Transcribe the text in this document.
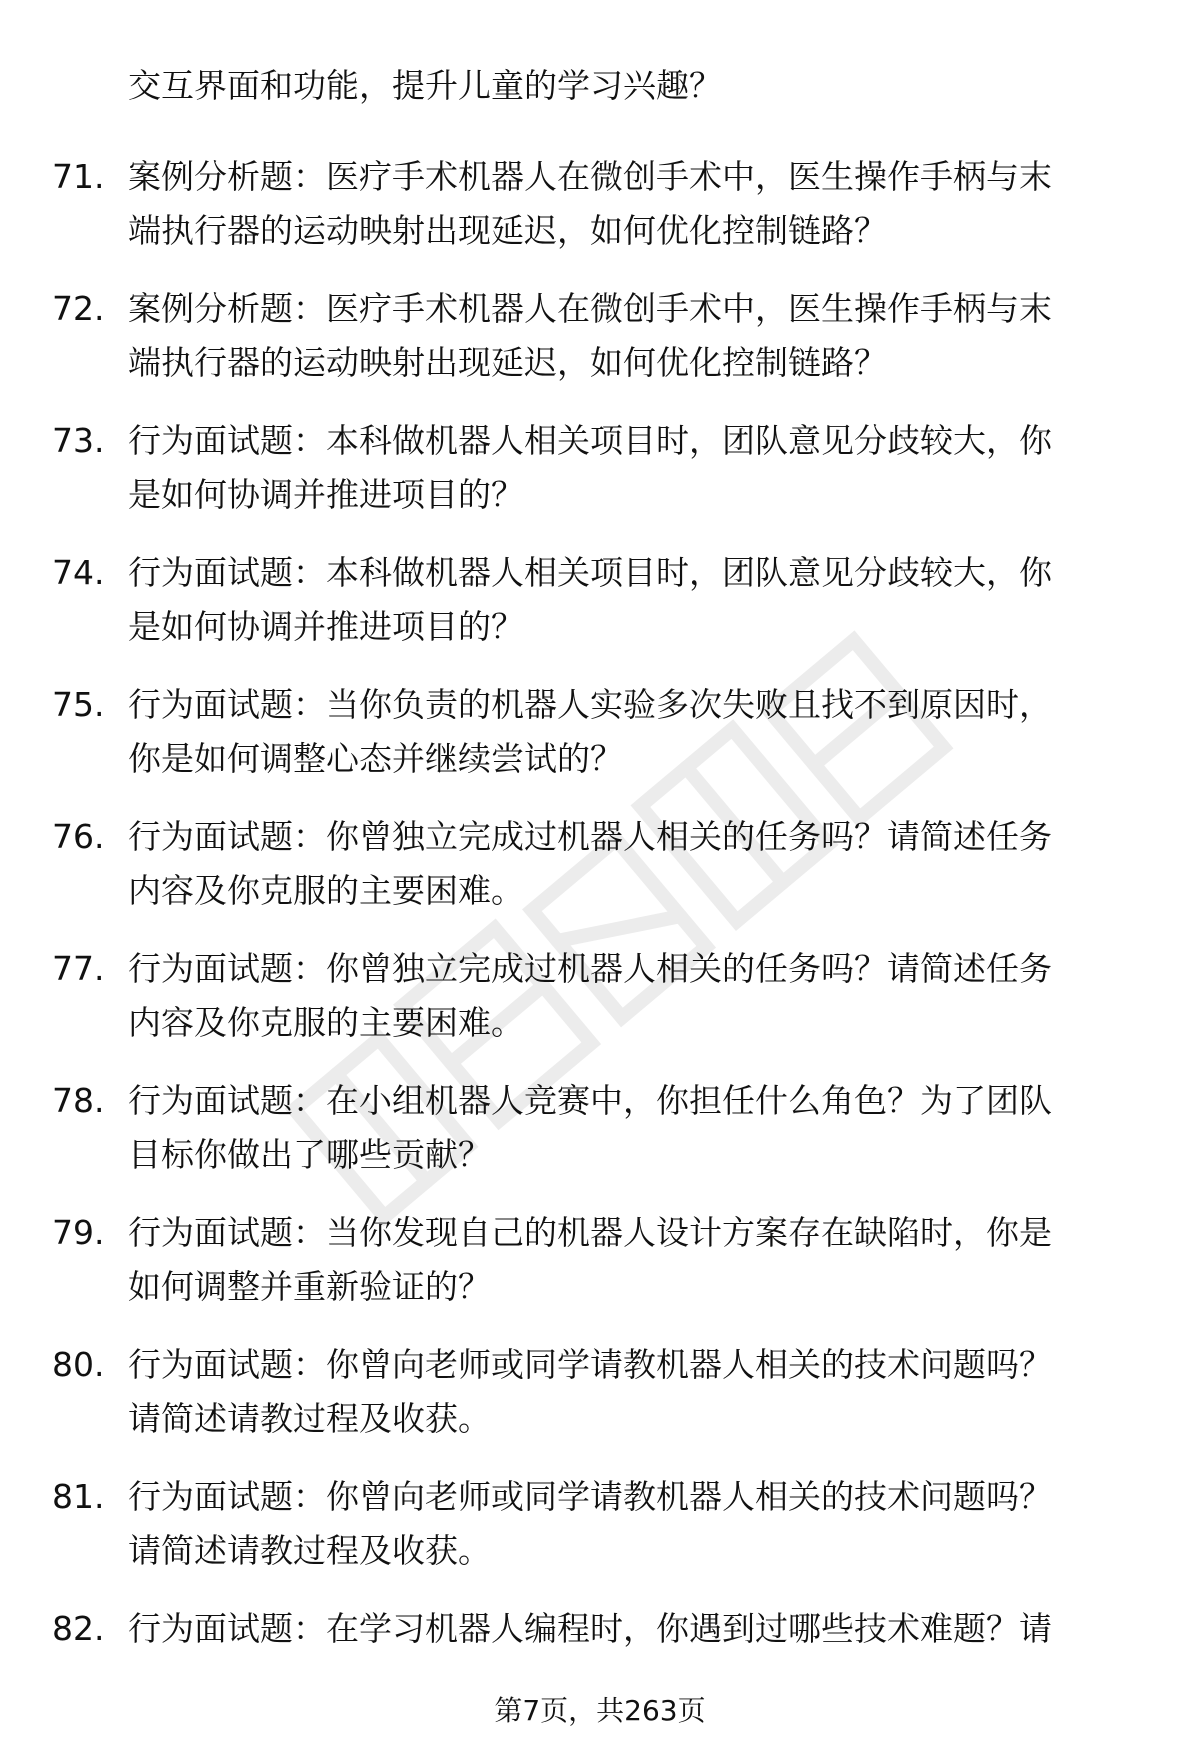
交互界面和功能，提升儿童的学习兴趣？
71. 案例分析题：医疗手术机器人在微创手术中，医生操作手柄与末
端执行器的运动映射出现延迟，如何优化控制链路？
72. 案例分析题：医疗手术机器人在微创手术中，医生操作手柄与末
端执行器的运动映射出现延迟，如何优化控制链路？
73. 行为面试题：本科做机器人相关项目时，团队意见分歧较大，你
是如何协调并推进项目的？
74. 行为面试题：本科做机器人相关项目时，团队意见分歧较大，你
是如何协调并推进项目的？
75. 行为面试题：当你负责的机器人实验多次失败且找不到原因时，
你是如何调整心态并继续尝试的？
76. 行为面试题：你曾独立完成过机器人相关的任务吗？请简述任务
内容及你克服的主要困难。
77. 行为面试题：你曾独立完成过机器人相关的任务吗？请简述任务
内容及你克服的主要困难。
78. 行为面试题：在小组机器人竞赛中，你担任什么角色？为了团队
目标你做出了哪些贡献？
79. 行为面试题：当你发现自己的机器人设计方案存在缺陷时，你是
如何调整并重新验证的？
80. 行为面试题：你曾向老师或同学请教机器人相关的技术问题吗？
请简述请教过程及收获。
81. 行为面试题：你曾向老师或同学请教机器人相关的技术问题吗？
请简述请教过程及收获。
82. 行为面试题：在学习机器人编程时，你遇到过哪些技术难题？请
第7页，共263页
